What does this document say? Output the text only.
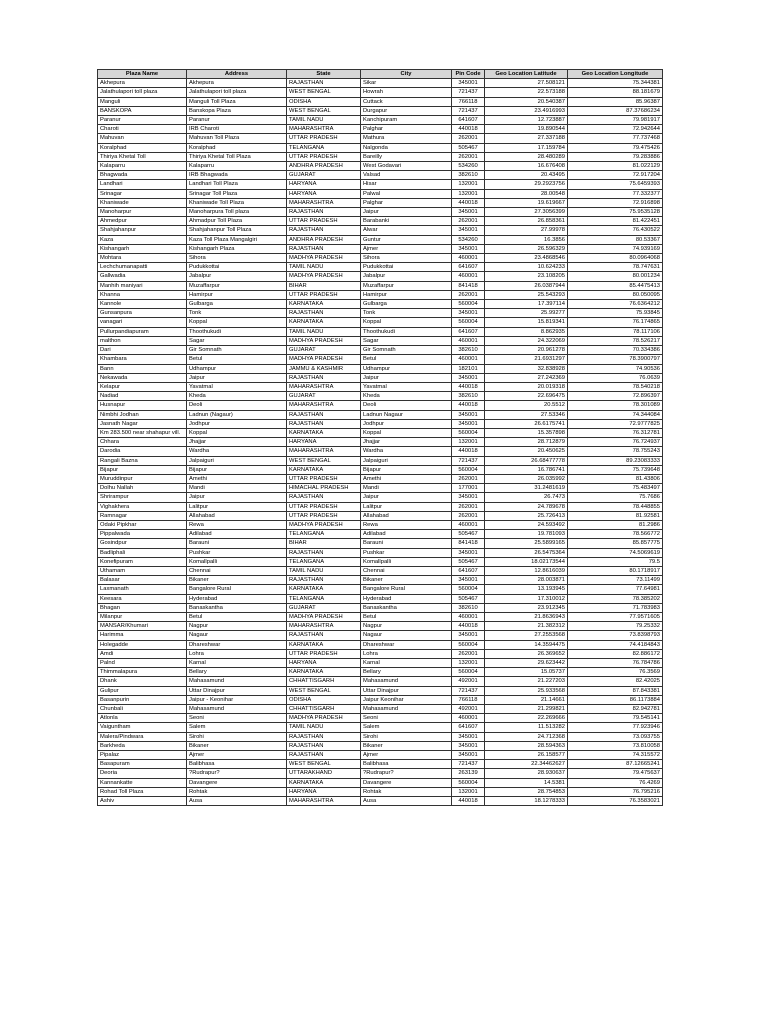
Plaza Name	Address	State	City	Pin Code	Geo Location Latitude	Geo Location Longitude
Akhepura	Akhepura	RAJASTHAN	Sikar	345001	27.508121	75.344381
Jalathulapori toll plaza	Jalathulapori toll plaza	WEST BENGAL	Howrah	721437	22.573188	88.181679
Manguli	Manguli Toll Plaza	ODISHA	Cuttack	766118	20.540387	85.96387
BANSKOPA	Banskopa Plaza	WEST BENGAL	Durgapur	721437	23.4916993	87.37686234
Paranur	Paranur	TAMIL NADU	Kanchipuram	641607	12.723887	79.981917
Charoti	IRB Charoti	MAHARASHTRA	Palghar	440018	19.890544	72.942644
Mahuvan	Mahuvan Toll Plaza	UTTAR PRADESH	Mathura	262001	27.337188	77.737468
Koralphad	Koralphad	TELANGANA	Nalgonda	505467	17.159784	79.475426
Thiriya Khetal Toll	Thiriya Khetal Toll Plaza	UTTAR PRADESH	Bareilly	262001	28.480289	79.283886
Kalaparru	Kalaparru	ANDHRA PRADESH	West Godavari	534260	16.676408	81.022129
Bhagwada	IRB Bhagwada	GUJARAT	Valsad	382610	20.43495	72.917204
Landhari	Landhari Toll Plaza	HARYANA	Hisar	132001	29.2923756	75.6459393
Srinagar	Srinagar Toll Plaza	HARYANA	Palwal	132001	28.00548	77.332377
Khaniwade	Khaniwade Toll Plaza	MAHARASHTRA	Palghar	440018	19.619667	72.916898
Manoharpur	Manoharpura Toll plaza	RAJASTHAN	Jaipur	345001	27.3056399	75.9535128
Ahmedpur	Ahmadpur Toll Plaza	UTTAR PRADESH	Barabanki	262001	26.858361	81.422451
Shahjahanpur	Shahjahanpur Toll Plaza	RAJASTHAN	Alwar	345001	27.99978	76.430522
Kaza	Kaza Toll Plaza Mangalgiri	ANDHRA PRADESH	Guntur	534260	16.3856	80.53367
Kishangarh	Kishangarh Plaza	RAJASTHAN	Ajmer	345001	26.596329	74.939169
Mohtara	Sihora	MADHYA PRADESH	Sihora	460001	23.4868546	80.0964068
Lechchumanapatti	Pudukkottai	TAMIL NADU	Pudukkottai	641607	10.624233	78.747631
Gallwadia	Jabalpur	MADHYA PRADESH	Jabalpur	460001	23.108205	80.001234
Manhih maniyari	Muzaffarpur	BIHAR	Muzaffarpur	841418	26.0387944	85.4475413
Khanna	Hamirpur	UTTAR PRADESH	Hamirpur	262001	25.543293	80.050095
Kannole	Gulbarga	KARNATAKA	Gulbarga	560004	17.397114	76.6364212
Gunsanpura	Tonk	RAJASTHAN	Tonk	345001	25.99277	75.93845
vanagari	Koppal	KARNATAKA	Koppal	560004	15.819341	76.174865
Pullurpandiapuram	Thoothukudi	TAMIL NADU	Thoothukudi	641607	8.862935	78.117106
malthon	Sagar	MADHYA PRADESH	Sagar	460001	24.322069	78.526217
Dari	Gir Somnath	GUJARAT	Gir Somnath	382610	20.961278	70.334386
Khambara	Betul	MADHYA PRADESH	Betul	460001	21.6931297	78.3900797
Bann	Udhampur	JAMMU & KASHMIR	Udhampur	182101	32.838928	74.90536
Nekawada	Jaipur	RAJASTHAN	Jaipur	345001	27.242369	76.0639
Kelapur	Yavatmal	MAHARASHTRA	Yavatmal	440018	20.019318	78.540218
Nadiad	Kheda	GUJARAT	Kheda	382610	22.696475	72.896397
Husnapur	Deoli	MAHARASHTRA	Deoli	440018	20.5512	78.301089
Nimbhi Jodhan	Ladnun (Nagaur)	RAJASTHAN	Ladnun Nagaur	345001	27.53346	74.344084
Jasnath Nagar	Jodhpur	RAJASTHAN	Jodhpur	345001	26.6175741	72.9777825
Km 283.500 near shahapur vill.	Koppal	KARNATAKA	Koppal	560004	15.357898	76.312781
Chhara	Jhajjar	HARYANA	Jhajjar	132001	28.712879	76.724937
Darodia	Wardha	MAHARASHTRA	Wardha	440018	20.450625	78.755243
Rangali Bazna	Jalpaiguri	WEST BENGAL	Jalpaiguri	721437	26.68477778	89.23083333
Bijapur	Bijapur	KARNATAKA	Bijapur	560004	16.786741	75.739648
Muruddinpur	Amethi	UTTAR PRADESH	Amethi	262001	26.035992	81.43806
Dolhu Nallah	Mandi	HIMACHAL PRADESH	Mandi	177001	31.2481619	75.483497
Shrirampur	Jaipur	RAJASTHAN	Jaipur	345001	26.7473	75.7686
Vighakhera	Lalitpur	UTTAR PRADESH	Lalitpur	262001	24.789678	78.448855
Ramnagar	Allahabad	UTTAR PRADESH	Allahabad	262001	25.726413	81.92581
Odaki Pipkhar	Rewa	MADHYA PRADESH	Rewa	460001	24.593492	81.2986
Pippalwada	Adilabad	TELANGANA	Adilabad	505467	19.781093	78.566772
Gosindpur	Barauni	BIHAR	Barauni	841418	25.5899165	85.857775
Badliphali	Pushkar	RAJASTHAN	Pushkar	345001	26.5475364	74.5069619
Konefipuram	Komallpalli	TELANGANA	Komallpalli	505467	18.02173544	79.5
Uthamam	Chennai	TAMIL NADU	Chennai	641607	12.8616039	80.1718917
Balasar	Bikaner	RAJASTHAN	Bikaner	345001	28.003871	73.11499
Laxmanath	Bangalore Rural	KARNATAKA	Bangalore Rural	560004	13.193945	77.64981
Keesara	Hyderabad	TELANGANA	Hyderabad	505467	17.310012	78.385202
Bhagan	Banaskantha	GUJARAT	Banaskantha	382610	23.912345	71.783983
Milanpur	Betul	MADHYA PRADESH	Betul	460001	21.8636943	77.9571605
MANSAR/Khumari	Nagpur	MAHARASHTRA	Nagpur	440018	21.382312	79.25332
Harimma	Nagaur	RAJASTHAN	Nagaur	345001	27.2553568	73.8398793
Holegadde	Dhareshwar	KARNATAKA	Dhareshwar	560004	14.3594475	74.4184843
Amdi	Lohra	UTTAR PRADESH	Lohra	262001	26.369652	82.886172
Palnd	Karnal	HARYANA	Karnal	132001	29.623442	76.784786
Thimmalapura	Bellary	KARNATAKA	Bellary	560004	15.05737	76.3569
Dhank	Mahasamund	CHHATTISGARH	Mahasamund	492001	21.227203	82.42025
Gulipur	Uttar Dinajpur	WEST BENGAL	Uttar Dinajpur	721437	25.933568	87.843381
Basanpurin	Jaipur - Keonihar	ODISHA	Jaipur Keonihar	766118	21.14661	86.1173884
Chunbali	Mahasamund	CHHATTISGARH	Mahasamund	492001	21.299821	82.942781
Atlonla	Seoni	MADHYA PRADESH	Seoni	460001	22.269666	79.545141
Vaiguntham	Salem	TAMIL NADU	Salem	641607	11.513282	77.923946
Malera/Pindwara	Sirohi	RAJASTHAN	Sirohi	345001	24.712368	73.093755
Barkheda	Bikaner	RAJASTHAN	Bikaner	345001	28.594363	73.810058
Pipalaz	Ajmer	RAJASTHAN	Ajmer	345001	26.158577	74.315572
Basapuram	Balibhasa	WEST BENGAL	Balibhasa	721437	22.34462627	87.12665241
Deoria	?Rudrapur?	UTTARAKHAND	?Rudrapur?	263139	28.930637	79.475637
Kannankatte	Davangere	KARNATAKA	Davangere	560004	14.5381	76.4269
Rohad Toll Plaza	Rohtak	HARYANA	Rohtak	132001	28.754853	76.795216
Ashiv	Ausa	MAHARASHTRA	Ausa	440018	18.1278333	76.3583021
